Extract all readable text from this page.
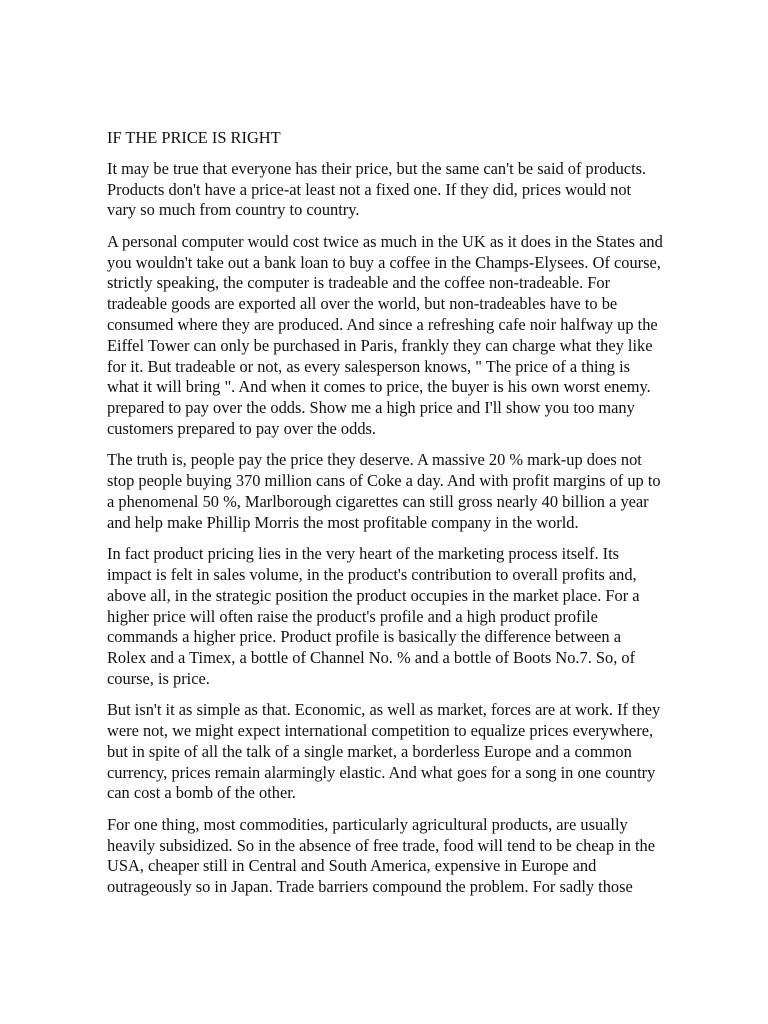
IF THE PRICE IS RIGHT

It may be true that everyone has their price, but the same can't be said of products. Products don't have a price-at least not a fixed one. If they did, prices would not vary so much from country to country.

A personal computer would cost twice as much in the UK as it does in the States and you wouldn't take out a bank loan to buy a coffee in the Champs-Elysees. Of course, strictly speaking, the computer is tradeable and the coffee non-tradeable. For tradeable goods are exported all over the world, but non-tradeables have to be consumed where they are produced. And since a refreshing cafe noir halfway up the Eiffel Tower can only be purchased in Paris, frankly they can charge what they like for it. But tradeable or not, as every salesperson knows, " The price of a thing is what it will bring ". And when it comes to price, the buyer is his own worst enemy. prepared to pay over the odds. Show me a high price and I'll show you too many customers prepared to pay over the odds.

The truth is, people pay the price they deserve. A massive 20 % mark-up does not stop people buying 370 million cans of Coke a day. And with profit margins of up to a phenomenal 50 %, Marlborough cigarettes can still gross nearly 40 billion a year and help make Phillip Morris the most profitable company in the world.

In fact product pricing lies in the very heart of the marketing process itself. Its impact is felt in sales volume, in the product's contribution to overall profits and, above all, in the strategic position the product occupies in the market place. For a higher price will often raise the product's profile and a high product profile commands a higher price. Product profile is basically the difference between a Rolex and a Timex, a bottle of Channel No. % and a bottle of Boots No.7. So, of course, is price.

But isn't it as simple as that. Economic, as well as market, forces are at work. If they were not, we might expect international competition to equalize prices everywhere, but in spite of all the talk of a single market, a borderless Europe and a common currency, prices remain alarmingly elastic. And what goes for a song in one country can cost a bomb of the other.

For one thing, most commodities, particularly agricultural products, are usually heavily subsidized. So in the absence of free trade, food will tend to be cheap in the USA, cheaper still in Central and South America, expensive in Europe and outrageously so in Japan. Trade barriers compound the problem. For sadly those
